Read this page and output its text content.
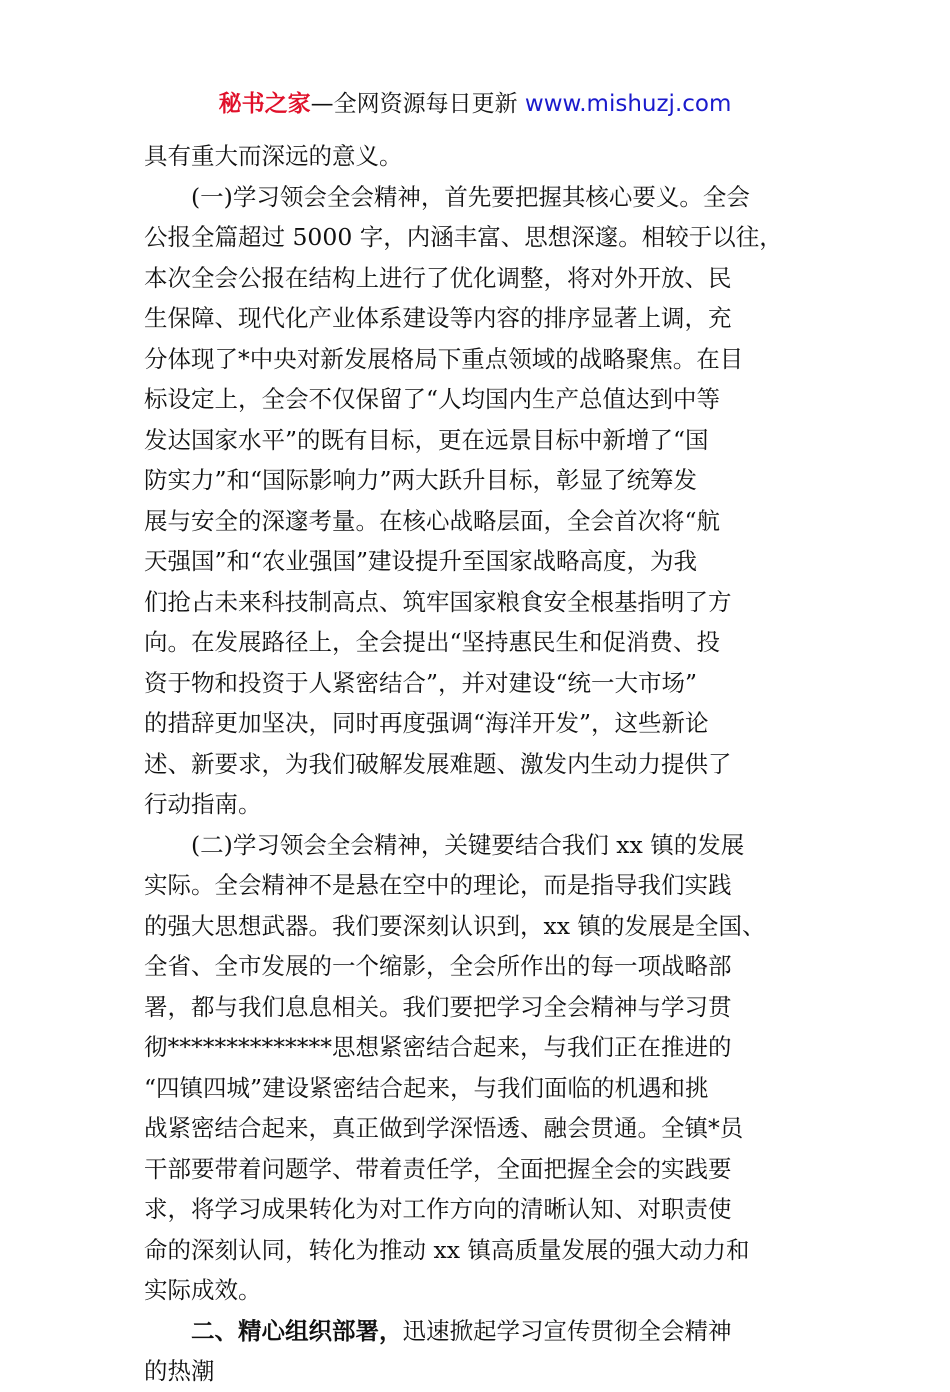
秘书之家—全网资源每日更新 www.mishuzj.com
具有重大而深远的意义。
(一)学习领会全会精神，首先要把握其核心要义。全会
公报全篇超过 5000 字，内涵丰富、思想深邃。相较于以往，
本次全会公报在结构上进行了优化调整，将对外开放、民
生保障、现代化产业体系建设等内容的排序显著上调，充
分体现了*中央对新发展格局下重点领域的战略聚焦。在目
标设定上，全会不仅保留了“人均国内生产总值达到中等
发达国家水平”的既有目标，更在远景目标中新增了“国
防实力”和“国际影响力”两大跃升目标，彰显了统筹发
展与安全的深邃考量。在核心战略层面，全会首次将“航
天强国”和“农业强国”建设提升至国家战略高度，为我
们抢占未来科技制高点、筑牢国家粮食安全根基指明了方
向。在发展路径上，全会提出“坚持惠民生和促消费、投
资于物和投资于人紧密结合”，并对建设“统一大市场”
的措辞更加坚决，同时再度强调“海洋开发”，这些新论
述、新要求，为我们破解发展难题、激发内生动力提供了
行动指南。
(二)学习领会全会精神，关键要结合我们 xx 镇的发展
实际。全会精神不是悬在空中的理论，而是指导我们实践
的强大思想武器。我们要深刻认识到，xx 镇的发展是全国、
全省、全市发展的一个缩影，全会所作出的每一项战略部
署，都与我们息息相关。我们要把学习全会精神与学习贯
彻**************思想紧密结合起来，与我们正在推进的
“四镇四城”建设紧密结合起来，与我们面临的机遇和挑
战紧密结合起来，真正做到学深悟透、融会贯通。全镇*员
干部要带着问题学、带着责任学，全面把握全会的实践要
求，将学习成果转化为对工作方向的清晰认知、对职责使
命的深刻认同，转化为推动 xx 镇高质量发展的强大动力和
实际成效。
二、精心组织部署，迅速掀起学习宣传贯彻全会精神
的热潮
